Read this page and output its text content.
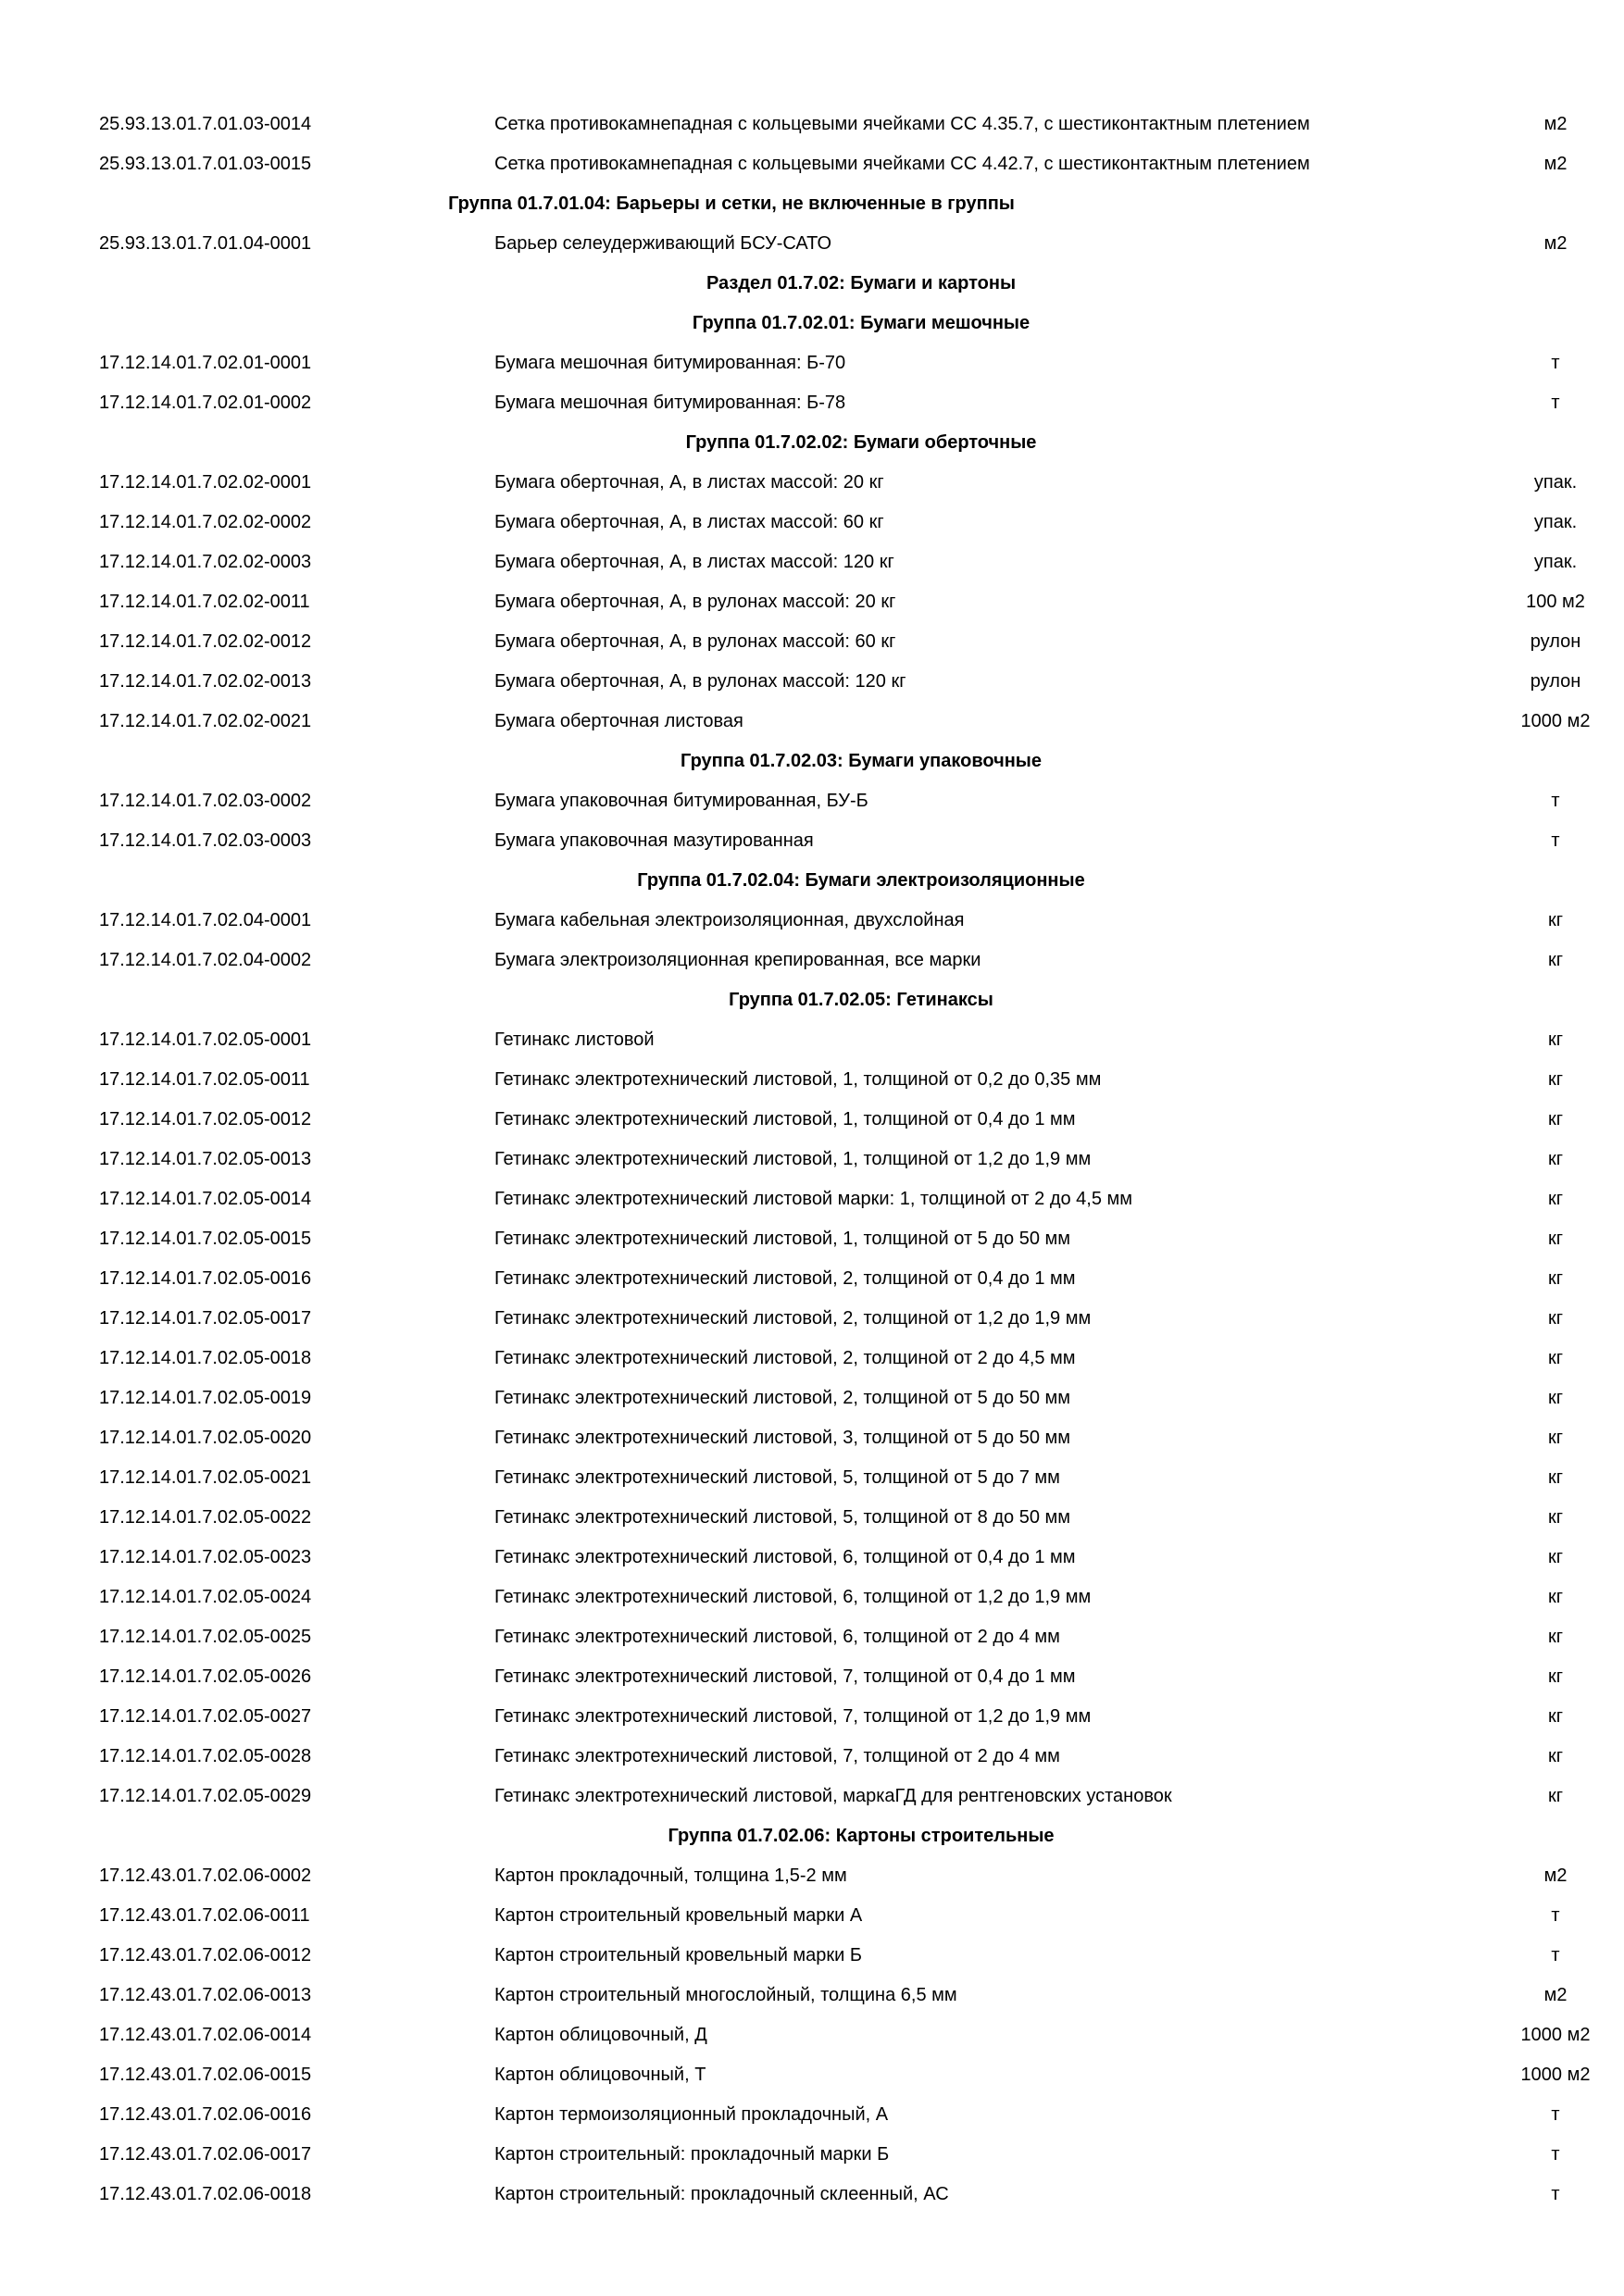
25.93.13.01.7.01.03-0014	Сетка противокамнепадная с кольцевыми ячейками СС 4.35.7, с шестиконтактным плетением	м2
25.93.13.01.7.01.03-0015	Сетка противокамнепадная с кольцевыми ячейками СС 4.42.7, с шестиконтактным плетением	м2
Группа 01.7.01.04: Барьеры и сетки, не включенные в группы
25.93.13.01.7.01.04-0001	Барьер селеудерживающий БСУ-САТО	м2
Раздел 01.7.02: Бумаги и картоны
Группа 01.7.02.01: Бумаги мешочные
17.12.14.01.7.02.01-0001	Бумага мешочная битумированная: Б-70	т
17.12.14.01.7.02.01-0002	Бумага мешочная битумированная: Б-78	т
Группа 01.7.02.02: Бумаги оберточные
17.12.14.01.7.02.02-0001	Бумага оберточная, А, в листах массой: 20 кг	упак.
17.12.14.01.7.02.02-0002	Бумага оберточная, А, в листах массой: 60 кг	упак.
17.12.14.01.7.02.02-0003	Бумага оберточная, А, в листах массой: 120 кг	упак.
17.12.14.01.7.02.02-0011	Бумага оберточная, А, в рулонах массой: 20 кг	100 м2
17.12.14.01.7.02.02-0012	Бумага оберточная, А, в рулонах массой: 60 кг	рулон
17.12.14.01.7.02.02-0013	Бумага оберточная, А, в рулонах массой: 120 кг	рулон
17.12.14.01.7.02.02-0021	Бумага оберточная листовая	1000 м2
Группа 01.7.02.03: Бумаги упаковочные
17.12.14.01.7.02.03-0002	Бумага упаковочная битумированная, БУ-Б	т
17.12.14.01.7.02.03-0003	Бумага упаковочная мазутированная	т
Группа 01.7.02.04: Бумаги электроизоляционные
17.12.14.01.7.02.04-0001	Бумага кабельная электроизоляционная, двухслойная	кг
17.12.14.01.7.02.04-0002	Бумага электроизоляционная крепированная, все марки	кг
Группа 01.7.02.05: Гетинаксы
17.12.14.01.7.02.05-0001	Гетинакс листовой	кг
17.12.14.01.7.02.05-0011	Гетинакс электротехнический листовой, 1, толщиной от 0,2 до 0,35 мм	кг
17.12.14.01.7.02.05-0012	Гетинакс электротехнический листовой, 1, толщиной от 0,4 до 1 мм	кг
17.12.14.01.7.02.05-0013	Гетинакс электротехнический листовой, 1, толщиной от 1,2 до 1,9 мм	кг
17.12.14.01.7.02.05-0014	Гетинакс электротехнический листовой марки: 1, толщиной от 2 до 4,5 мм	кг
17.12.14.01.7.02.05-0015	Гетинакс электротехнический листовой, 1, толщиной от 5 до 50 мм	кг
17.12.14.01.7.02.05-0016	Гетинакс электротехнический листовой, 2, толщиной от 0,4 до 1 мм	кг
17.12.14.01.7.02.05-0017	Гетинакс электротехнический листовой, 2, толщиной от 1,2 до 1,9 мм	кг
17.12.14.01.7.02.05-0018	Гетинакс электротехнический листовой, 2, толщиной от 2 до 4,5 мм	кг
17.12.14.01.7.02.05-0019	Гетинакс электротехнический листовой, 2, толщиной от 5 до 50 мм	кг
17.12.14.01.7.02.05-0020	Гетинакс электротехнический листовой, 3, толщиной от 5 до 50 мм	кг
17.12.14.01.7.02.05-0021	Гетинакс электротехнический листовой, 5, толщиной от 5 до 7 мм	кг
17.12.14.01.7.02.05-0022	Гетинакс электротехнический листовой, 5, толщиной от 8 до 50 мм	кг
17.12.14.01.7.02.05-0023	Гетинакс электротехнический листовой, 6, толщиной от 0,4 до 1 мм	кг
17.12.14.01.7.02.05-0024	Гетинакс электротехнический листовой, 6, толщиной от 1,2 до 1,9 мм	кг
17.12.14.01.7.02.05-0025	Гетинакс электротехнический листовой, 6, толщиной от 2 до 4 мм	кг
17.12.14.01.7.02.05-0026	Гетинакс электротехнический листовой, 7, толщиной от 0,4 до 1 мм	кг
17.12.14.01.7.02.05-0027	Гетинакс электротехнический листовой, 7, толщиной от 1,2 до 1,9 мм	кг
17.12.14.01.7.02.05-0028	Гетинакс электротехнический листовой, 7, толщиной от 2 до 4 мм	кг
17.12.14.01.7.02.05-0029	Гетинакс электротехнический листовой, маркаГД для рентгеновских установок	кг
Группа 01.7.02.06: Картоны строительные
17.12.43.01.7.02.06-0002	Картон прокладочный, толщина 1,5-2 мм	м2
17.12.43.01.7.02.06-0011	Картон строительный кровельный марки А	т
17.12.43.01.7.02.06-0012	Картон строительный кровельный марки Б	т
17.12.43.01.7.02.06-0013	Картон строительный многослойный, толщина 6,5 мм	м2
17.12.43.01.7.02.06-0014	Картон облицовочный, Д	1000 м2
17.12.43.01.7.02.06-0015	Картон облицовочный, Т	1000 м2
17.12.43.01.7.02.06-0016	Картон термоизоляционный прокладочный, А	т
17.12.43.01.7.02.06-0017	Картон строительный: прокладочный марки Б	т
17.12.43.01.7.02.06-0018	Картон строительный: прокладочный склеенный, АС	т
